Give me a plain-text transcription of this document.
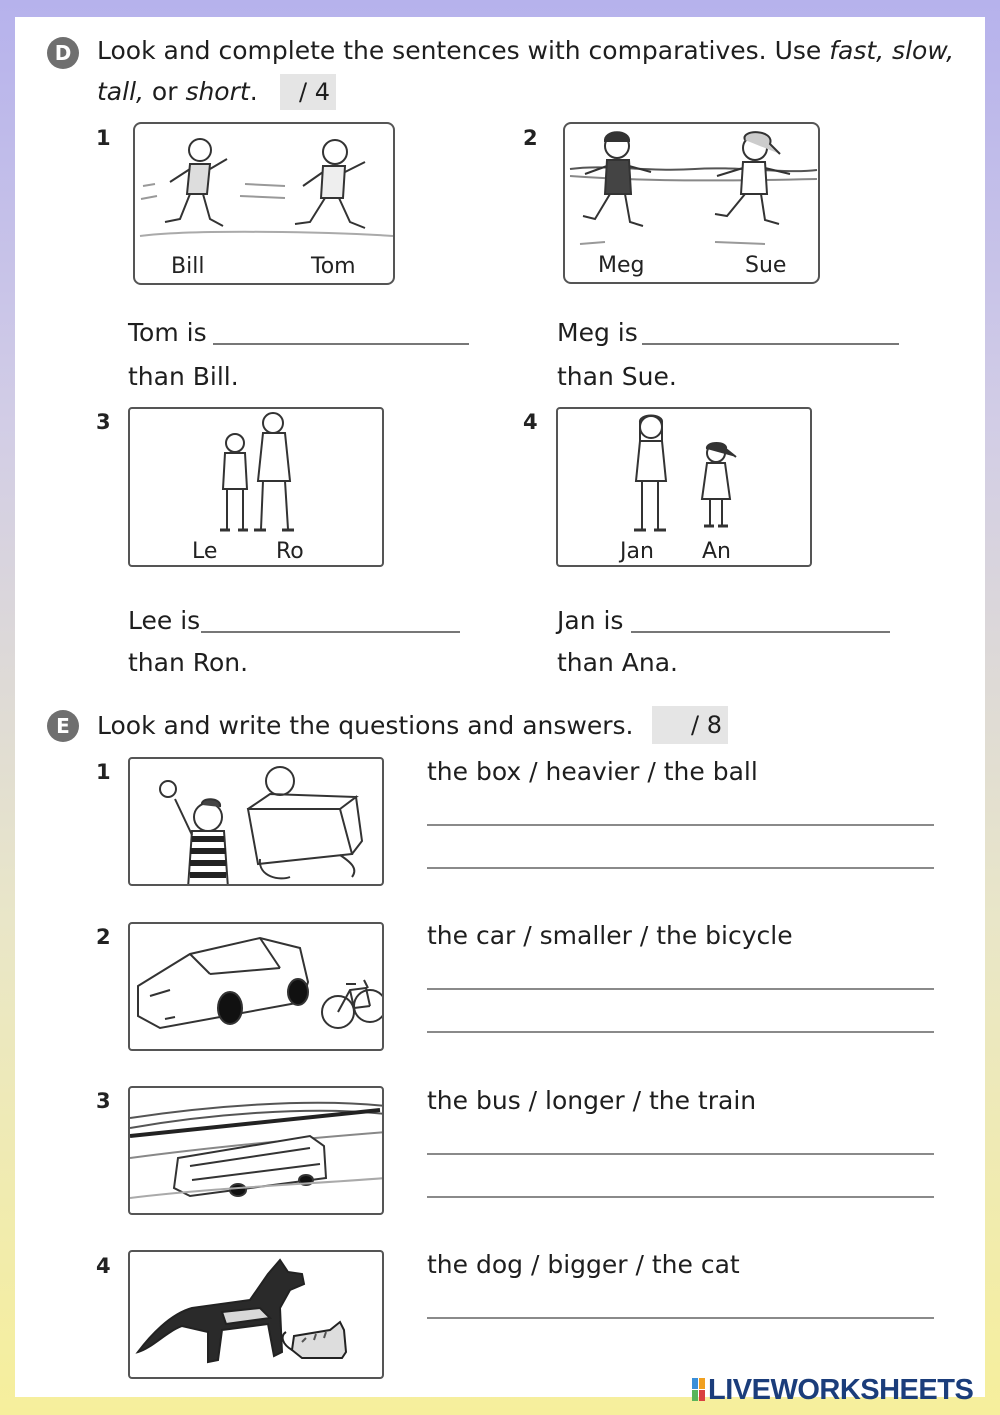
D	Look and complete the sentences with comparatives. Use fast, slow,
tall, or short.	/ 4
1
Bill	Tom
Tom is
than Bill.
2
Meg	Sue
Meg is
than Sue.
3
Le	Ro
Lee is
than Ron.
4
Jan An
Jan is
than Ana.
E	Look and write the questions and answers.	/ 8
1	the box / heavier / the ball
2	the car / smaller / the bicycle
3	the bus / longer / the train
4	the dog / bigger / the cat
LIVEWORKSHEETS
